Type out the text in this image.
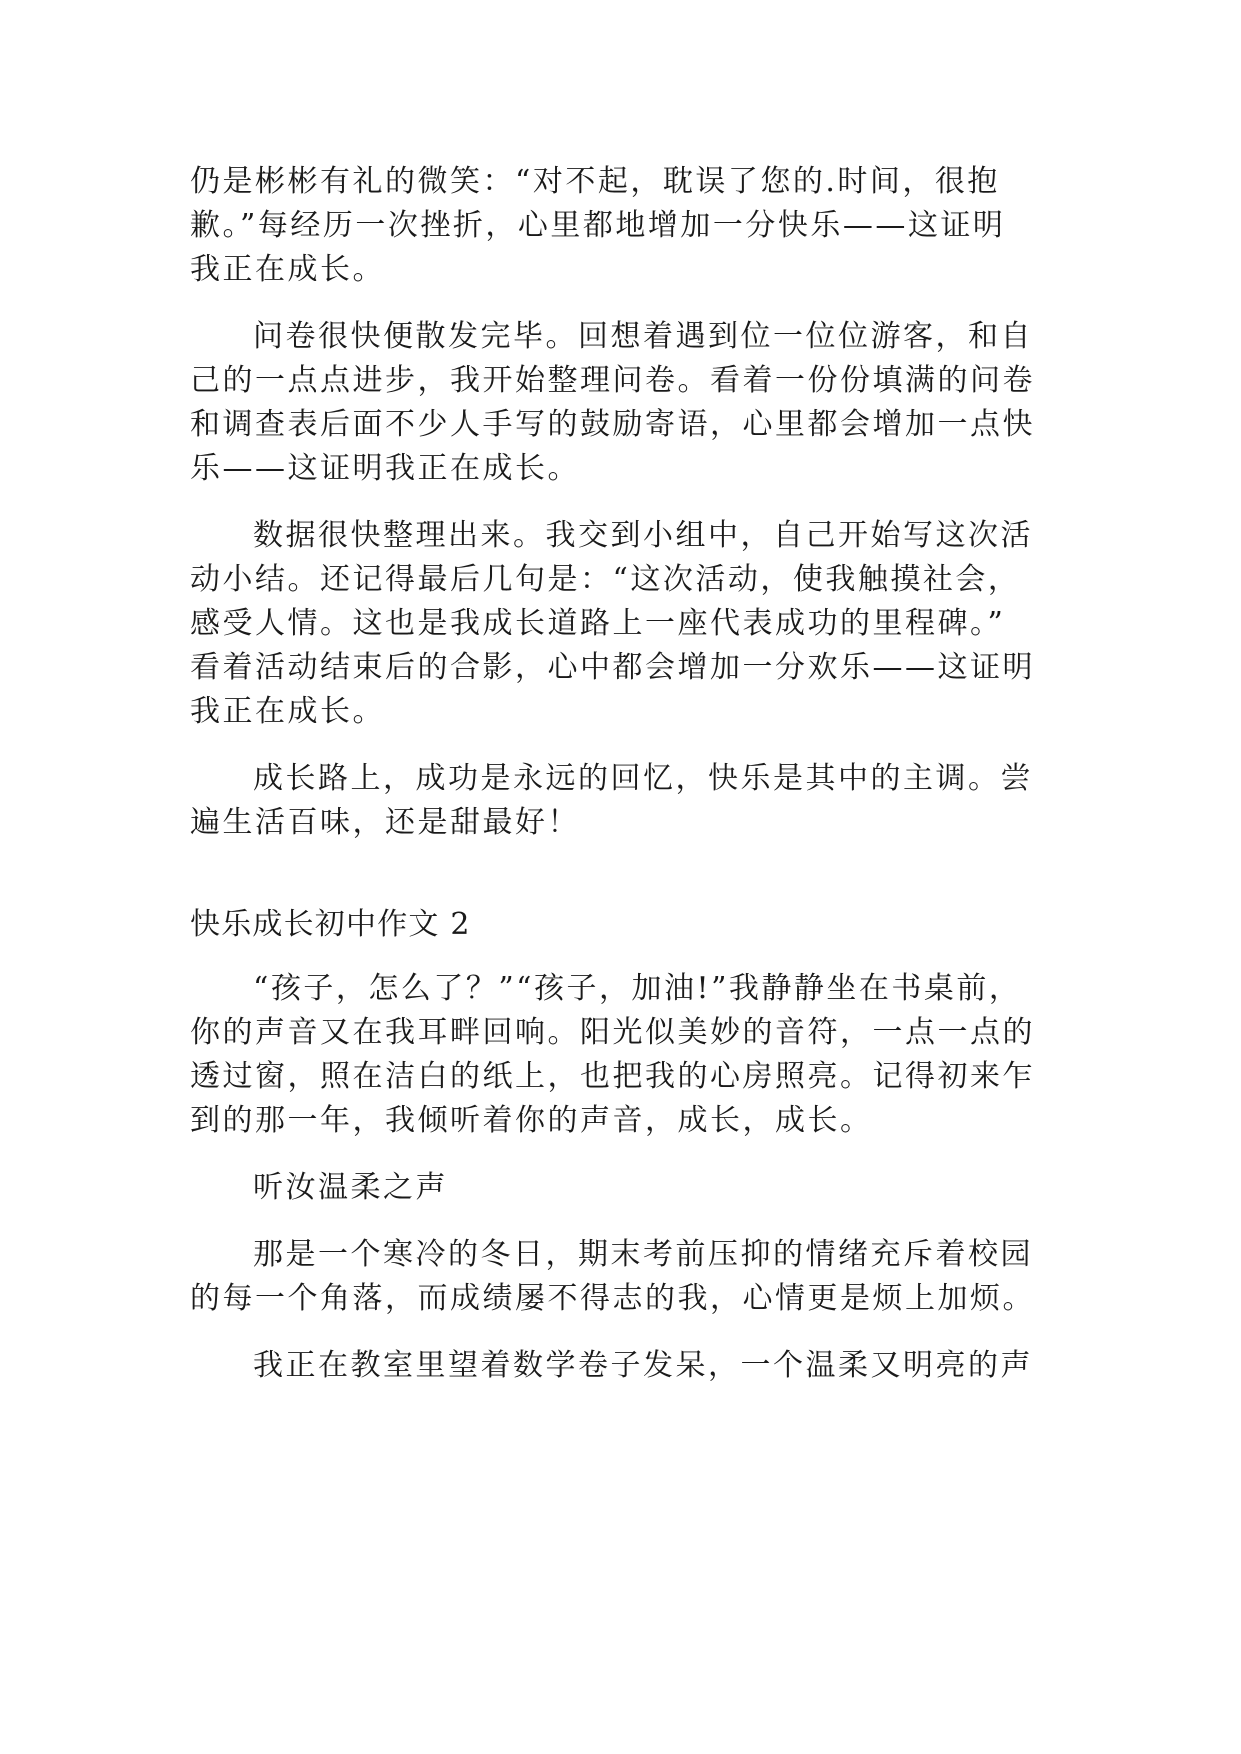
仍是彬彬有礼的微笑：“对不起，耽误了您的.时间，很抱
歉。”每经历一次挫折，心里都地增加一分快乐——这证明
我正在成长。
问卷很快便散发完毕。回想着遇到位一位位游客，和自
己的一点点进步，我开始整理问卷。看着一份份填满的问卷
和调查表后面不少人手写的鼓励寄语，心里都会增加一点快
乐——这证明我正在成长。
数据很快整理出来。我交到小组中，自己开始写这次活
动小结。还记得最后几句是：“这次活动，使我触摸社会，
感受人情。这也是我成长道路上一座代表成功的里程碑。”
看着活动结束后的合影，心中都会增加一分欢乐——这证明
我正在成长。
成长路上，成功是永远的回忆，快乐是其中的主调。尝
遍生活百味，还是甜最好！
快乐成长初中作文 2
“孩子，怎么了？”“孩子，加油!”我静静坐在书桌前，
你的声音又在我耳畔回响。阳光似美妙的音符，一点一点的
透过窗，照在洁白的纸上，也把我的心房照亮。记得初来乍
到的那一年，我倾听着你的声音，成长，成长。
听汝温柔之声
那是一个寒冷的冬日，期末考前压抑的情绪充斥着校园
的每一个角落，而成绩屡不得志的我，心情更是烦上加烦。
我正在教室里望着数学卷子发呆，一个温柔又明亮的声
